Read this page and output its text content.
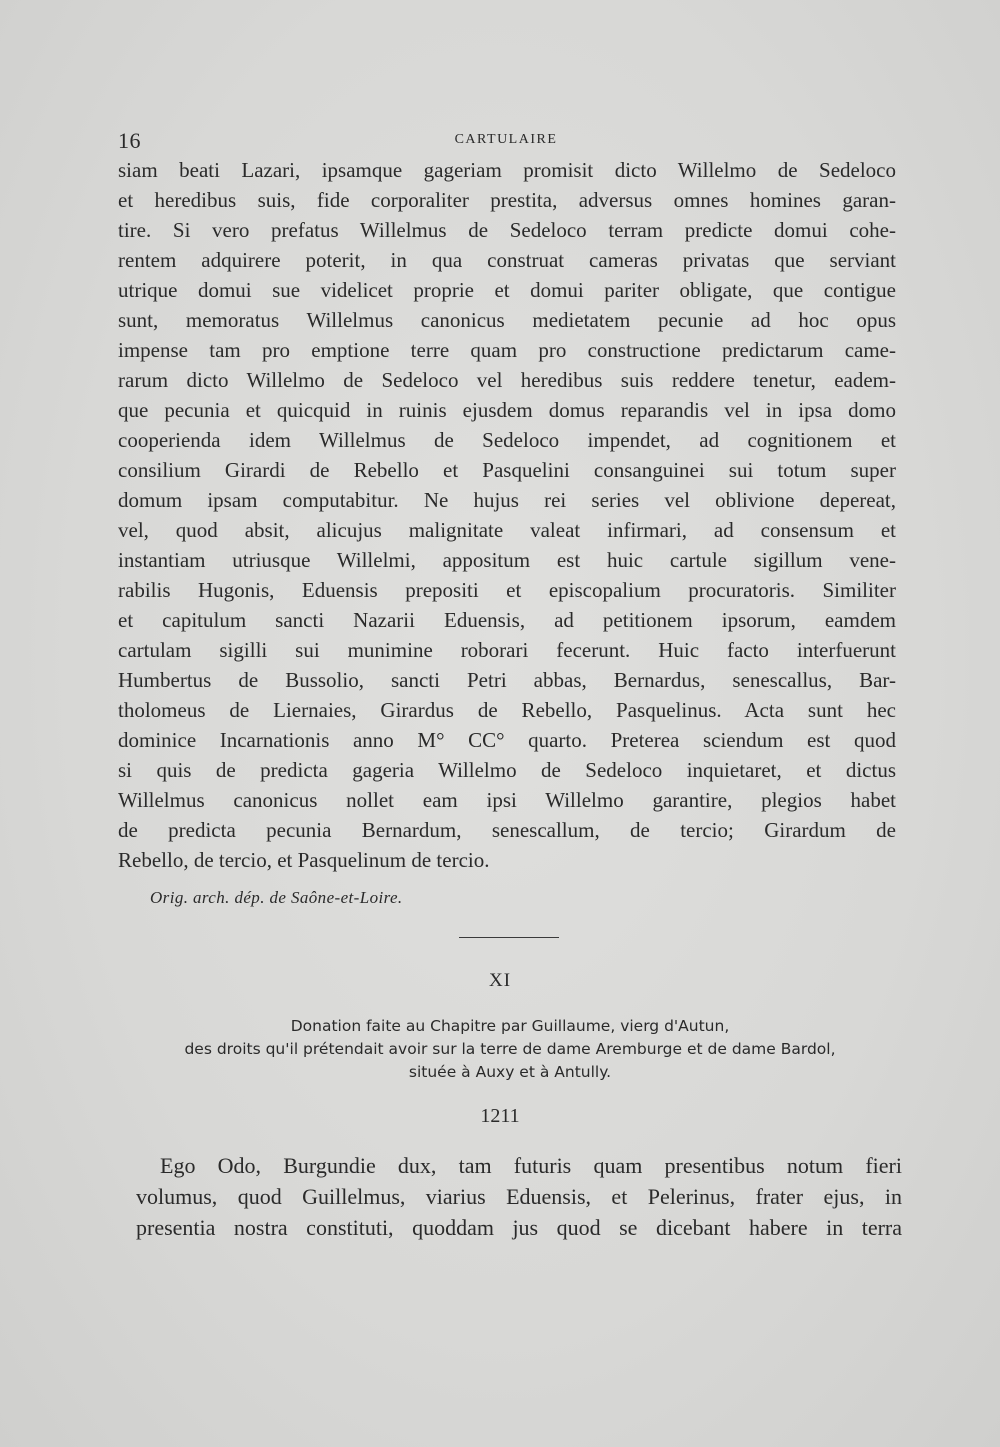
16	CARTULAIRE
siam beati Lazari, ipsamque gageriam promisit dicto Willelmo de Sedeloco
et heredibus suis, fide corporaliter prestita, adversus omnes homines garan-
tire. Si vero prefatus Willelmus de Sedeloco terram predicte domui cohe-
rentem adquirere poterit, in qua construat cameras privatas que serviant
utrique domui sue videlicet proprie et domui pariter obligate, que contigue
sunt, memoratus Willelmus canonicus medietatem pecunie ad hoc opus
impense tam pro emptione terre quam pro constructione predictarum came-
rarum dicto Willelmo de Sedeloco vel heredibus suis reddere tenetur, eadem-
que pecunia et quicquid in ruinis ejusdem domus reparandis vel in ipsa domo
cooperienda idem Willelmus de Sedeloco impendet, ad cognitionem et
consilium Girardi de Rebello et Pasquelini consanguinei sui totum super
domum ipsam computabitur. Ne hujus rei series vel oblivione depereat,
vel, quod absit, alicujus malignitate valeat infirmari, ad consensum et
instantiam utriusque Willelmi, appositum est huic cartule sigillum vene-
rabilis Hugonis, Eduensis prepositi et episcopalium procuratoris. Similiter
et capitulum sancti Nazarii Eduensis, ad petitionem ipsorum, eamdem
cartulam sigilli sui munimine roborari fecerunt. Huic facto interfuerunt
Humbertus de Bussolio, sancti Petri abbas, Bernardus, senescallus, Bar-
tholomeus de Liernaies, Girardus de Rebello, Pasquelinus. Acta sunt hec
dominice Incarnationis anno M° CC° quarto. Preterea sciendum est quod
si quis de predicta gageria Willelmo de Sedeloco inquietaret, et dictus
Willelmus canonicus nollet eam ipsi Willelmo garantire, plegios habet
de predicta pecunia Bernardum, senescallum, de tercio; Girardum de
Rebello, de tercio, et Pasquelinum de tercio.
Orig. arch. dép. de Saône-et-Loire.
XI
Donation faite au Chapitre par Guillaume, vierg d'Autun,
des droits qu'il prétendait avoir sur la terre de dame Aremburge et de dame Bardol,
située à Auxy et à Antully.
1211
Ego Odo, Burgundie dux, tam futuris quam presentibus notum fieri
volumus, quod Guillelmus, viarius Eduensis, et Pelerinus, frater ejus, in
presentia nostra constituti, quoddam jus quod se dicebant habere in terra
